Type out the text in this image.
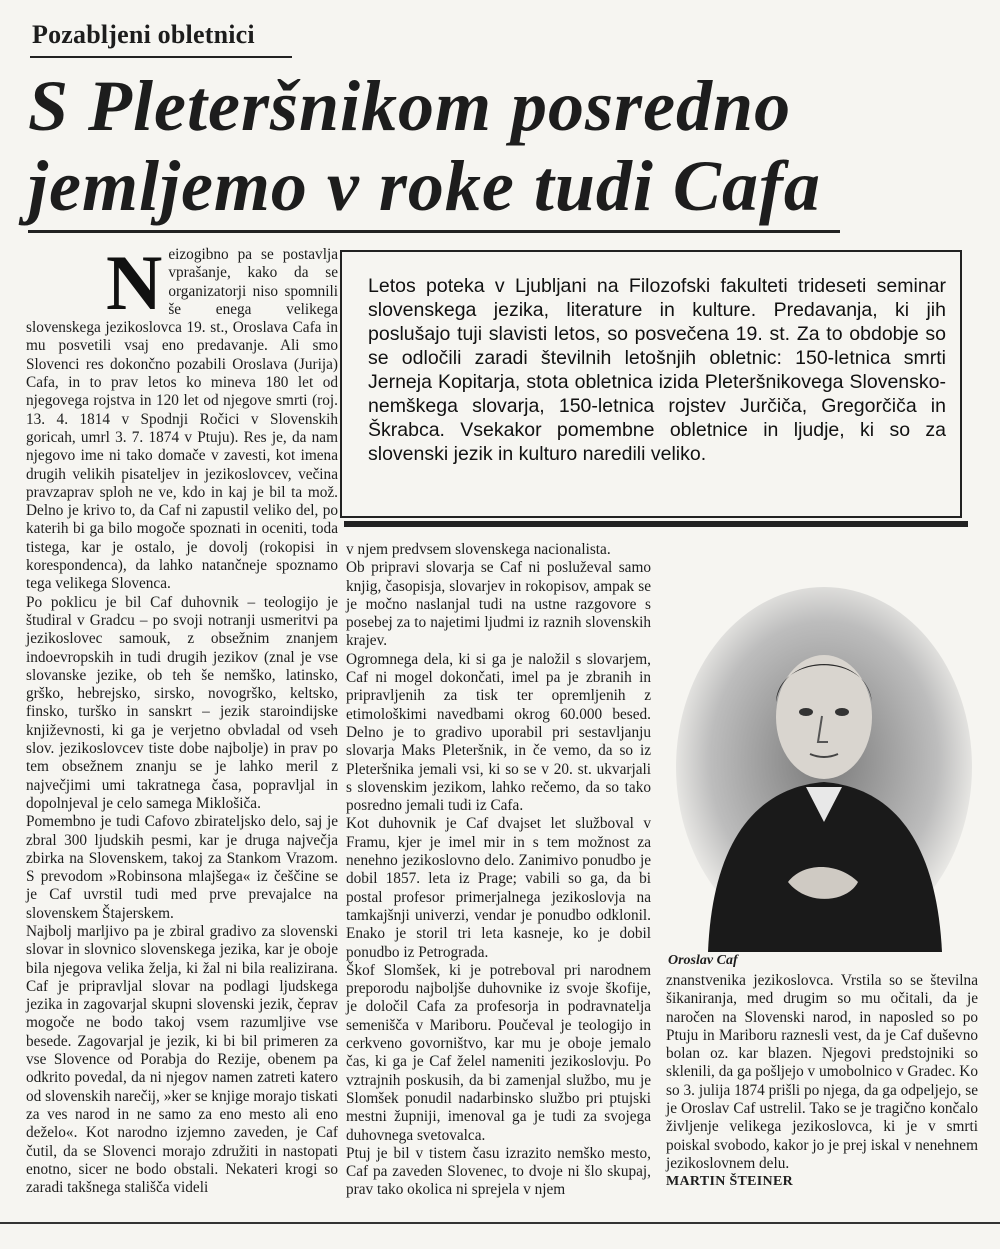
Pozabljeni obletnici
S Pleteršnikom posredno
jemljemo v roke tudi Cafa

Neizogibno pa se postavlja vprašanje, kako da se organizatorji niso spomnili še enega velikega slovenskega jezikoslovca 19. st., Oroslava Cafa in mu posvetili vsaj eno predavanje. Ali smo Slovenci res dokončno pozabili Oroslava (Jurija) Cafa, in to prav letos ko mineva 180 let od njegovega rojstva in 120 let od njegove smrti (roj. 13. 4. 1814 v Spodnji Ročici v Slovenskih goricah, umrl 3. 7. 1874 v Ptuju). Res je, da nam njegovo ime ni tako domače v zavesti, kot imena drugih velikih pisateljev in jezikoslovcev, večina pravzaprav sploh ne ve, kdo in kaj je bil ta mož. Delno je krivo to, da Caf ni zapustil veliko del, po katerih bi ga bilo mogoče spoznati in oceniti, toda tistega, kar je ostalo, je dovolj (rokopisi in korespondenca), da lahko natančneje spoznamo tega velikega Slovenca.

Po poklicu je bil Caf duhovnik – teologijo je študiral v Gradcu – po svoji notranji usmeritvi pa jezikoslovec samouk, z obsežnim znanjem indoevropskih in tudi drugih jezikov (znal je vse slovanske jezike, ob teh še nemško, latinsko, grško, hebrejsko, sirsko, novogrško, keltsko, finsko, turško in sanskrt – jezik staroindijske književnosti, ki ga je verjetno obvladal od vseh slov. jezikoslovcev tiste dobe najbolje) in prav po tem obsežnem znanju se je lahko meril z največjimi umi takratnega časa, popravljal in dopolnjeval je celo samega Miklošiča.

Pomembno je tudi Cafovo zbirateljsko delo, saj je zbral 300 ljudskih pesmi, kar je druga največja zbirka na Slovenskem, takoj za Stankom Vrazom. S prevodom »Robinsona mlajšega« iz češčine se je Caf uvrstil tudi med prve prevajalce na slovenskem Štajerskem.

Najbolj marljivo pa je zbiral gradivo za slovenski slovar in slovnico slovenskega jezika, kar je oboje bila njegova velika želja, ki žal ni bila realizirana. Caf je pripravljal slovar na podlagi ljudskega jezika in zagovarjal skupni slovenski jezik, čeprav mogoče ne bodo takoj vsem razumljive vse besede. Zagovarjal je jezik, ki bi bil primeren za vse Slovence od Porabja do Rezije, obenem pa odkrito povedal, da ni njegov namen zatreti katero od slovenskih narečij, »ker se knjige morajo tiskati za ves narod in ne samo za eno mesto ali eno deželo«. Kot narodno izjemno zaveden, je Caf čutil, da se Slovenci morajo združiti in nastopati enotno, sicer ne bodo obstali. Nekateri krogi so zaradi takšnega stališča videli

Letos poteka v Ljubljani na Filozofski fakulteti trideseti seminar slovenskega jezika, literature in kulture. Predavanja, ki jih poslušajo tuji slavisti letos, so posvečena 19. st. Za to obdobje so se odločili zaradi številnih letošnjih obletnic: 150-letnica smrti Jerneja Kopitarja, stota obletnica izida Pleteršnikovega Slovensko-nemškega slovarja, 150-letnica rojstev Jurčiča, Gregorčiča in Škrabca. Vsekakor pomembne obletnice in ljudje, ki so za slovenski jezik in kulturo naredili veliko.

v njem predvsem slovenskega nacionalista.

Ob pripravi slovarja se Caf ni posluževal samo knjig, časopisja, slovarjev in rokopisov, ampak se je močno naslanjal tudi na ustne razgovore s posebej za to najetimi ljudmi iz raznih slovenskih krajev.

Ogromnega dela, ki si ga je naložil s slovarjem, Caf ni mogel dokončati, imel pa je zbranih in pripravljenih za tisk ter opremljenih z etimološkimi navedbami okrog 60.000 besed. Delno je to gradivo uporabil pri sestavljanju slovarja Maks Pleteršnik, in če vemo, da so iz Pleteršnika jemali vsi, ki so se v 20. st. ukvarjali s slovenskim jezikom, lahko rečemo, da so tako posredno jemali tudi iz Cafa.

Kot duhovnik je Caf dvajset let služboval v Framu, kjer je imel mir in s tem možnost za nenehno jezikoslovno delo. Zanimivo ponudbo je dobil 1857. leta iz Prage; vabili so ga, da bi postal profesor primerjalnega jezikoslovja na tamkajšnji univerzi, vendar je ponudbo odklonil. Enako je storil tri leta kasneje, ko je dobil ponudbo iz Petrograda.

Škof Slomšek, ki je potreboval pri narodnem preporodu najboljše duhovnike iz svoje škofije, je določil Cafa za profesorja in podravnatelja semenišča v Mariboru. Poučeval je teologijo in cerkveno govorništvo, kar mu je oboje jemalo čas, ki ga je Caf želel nameniti jezikoslovju. Po vztrajnih poskusih, da bi zamenjal službo, mu je Slomšek ponudil nadarbinsko službo pri ptujski mestni župniji, imenoval ga je tudi za svojega duhovnega svetovalca.

Ptuj je bil v tistem času izrazito nemško mesto, Caf pa zaveden Slovenec, to dvoje ni šlo skupaj, prav tako okolica ni sprejela v njem

Oroslav Caf

znanstvenika jezikoslovca. Vrstila so se številna šikaniranja, med drugim so mu očitali, da je naročen na Slovenski narod, in naposled so po Ptuju in Mariboru raznesli vest, da je Caf duševno bolan oz. kar blazen. Njegovi predstojniki so sklenili, da ga pošljejo v umobolnico v Gradec. Ko so 3. julija 1874 prišli po njega, da ga odpeljejo, se je Oroslav Caf ustrelil. Tako se je tragično končalo življenje velikega jezikoslovca, ki je v smrti poiskal svobodo, kakor jo je prej iskal v nenehnem jezikoslovnem delu.

MARTIN ŠTEINER
